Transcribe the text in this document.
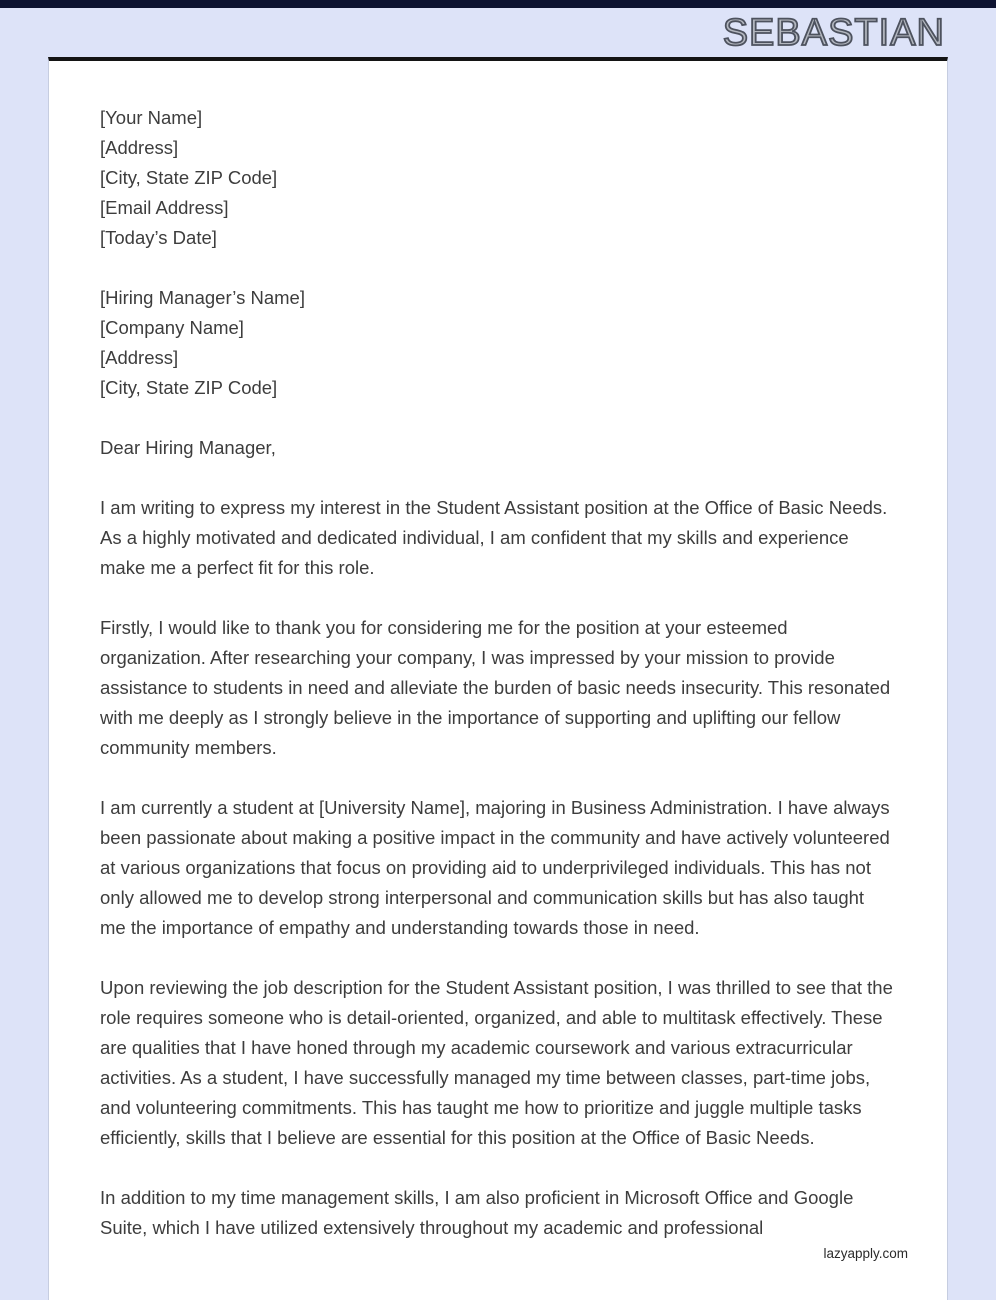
SEBASTIAN
[Your Name]
[Address]
[City, State ZIP Code]
[Email Address]
[Today’s Date]
[Hiring Manager’s Name]
[Company Name]
[Address]
[City, State ZIP Code]
Dear Hiring Manager,

I am writing to express my interest in the Student Assistant position at the Office of Basic Needs. As a highly motivated and dedicated individual, I am confident that my skills and experience make me a perfect fit for this role.

Firstly, I would like to thank you for considering me for the position at your esteemed organization. After researching your company, I was impressed by your mission to provide assistance to students in need and alleviate the burden of basic needs insecurity. This resonated with me deeply as I strongly believe in the importance of supporting and uplifting our fellow community members.

I am currently a student at [University Name], majoring in Business Administration. I have always been passionate about making a positive impact in the community and have actively volunteered at various organizations that focus on providing aid to underprivileged individuals. This has not only allowed me to develop strong interpersonal and communication skills but has also taught me the importance of empathy and understanding towards those in need.

Upon reviewing the job description for the Student Assistant position, I was thrilled to see that the role requires someone who is detail-oriented, organized, and able to multitask effectively. These are qualities that I have honed through my academic coursework and various extracurricular activities. As a student, I have successfully managed my time between classes, part-time jobs, and volunteering commitments. This has taught me how to prioritize and juggle multiple tasks efficiently, skills that I believe are essential for this position at the Office of Basic Needs.

In addition to my time management skills, I am also proficient in Microsoft Office and Google Suite, which I have utilized extensively throughout my academic and professional

lazyapply.com
